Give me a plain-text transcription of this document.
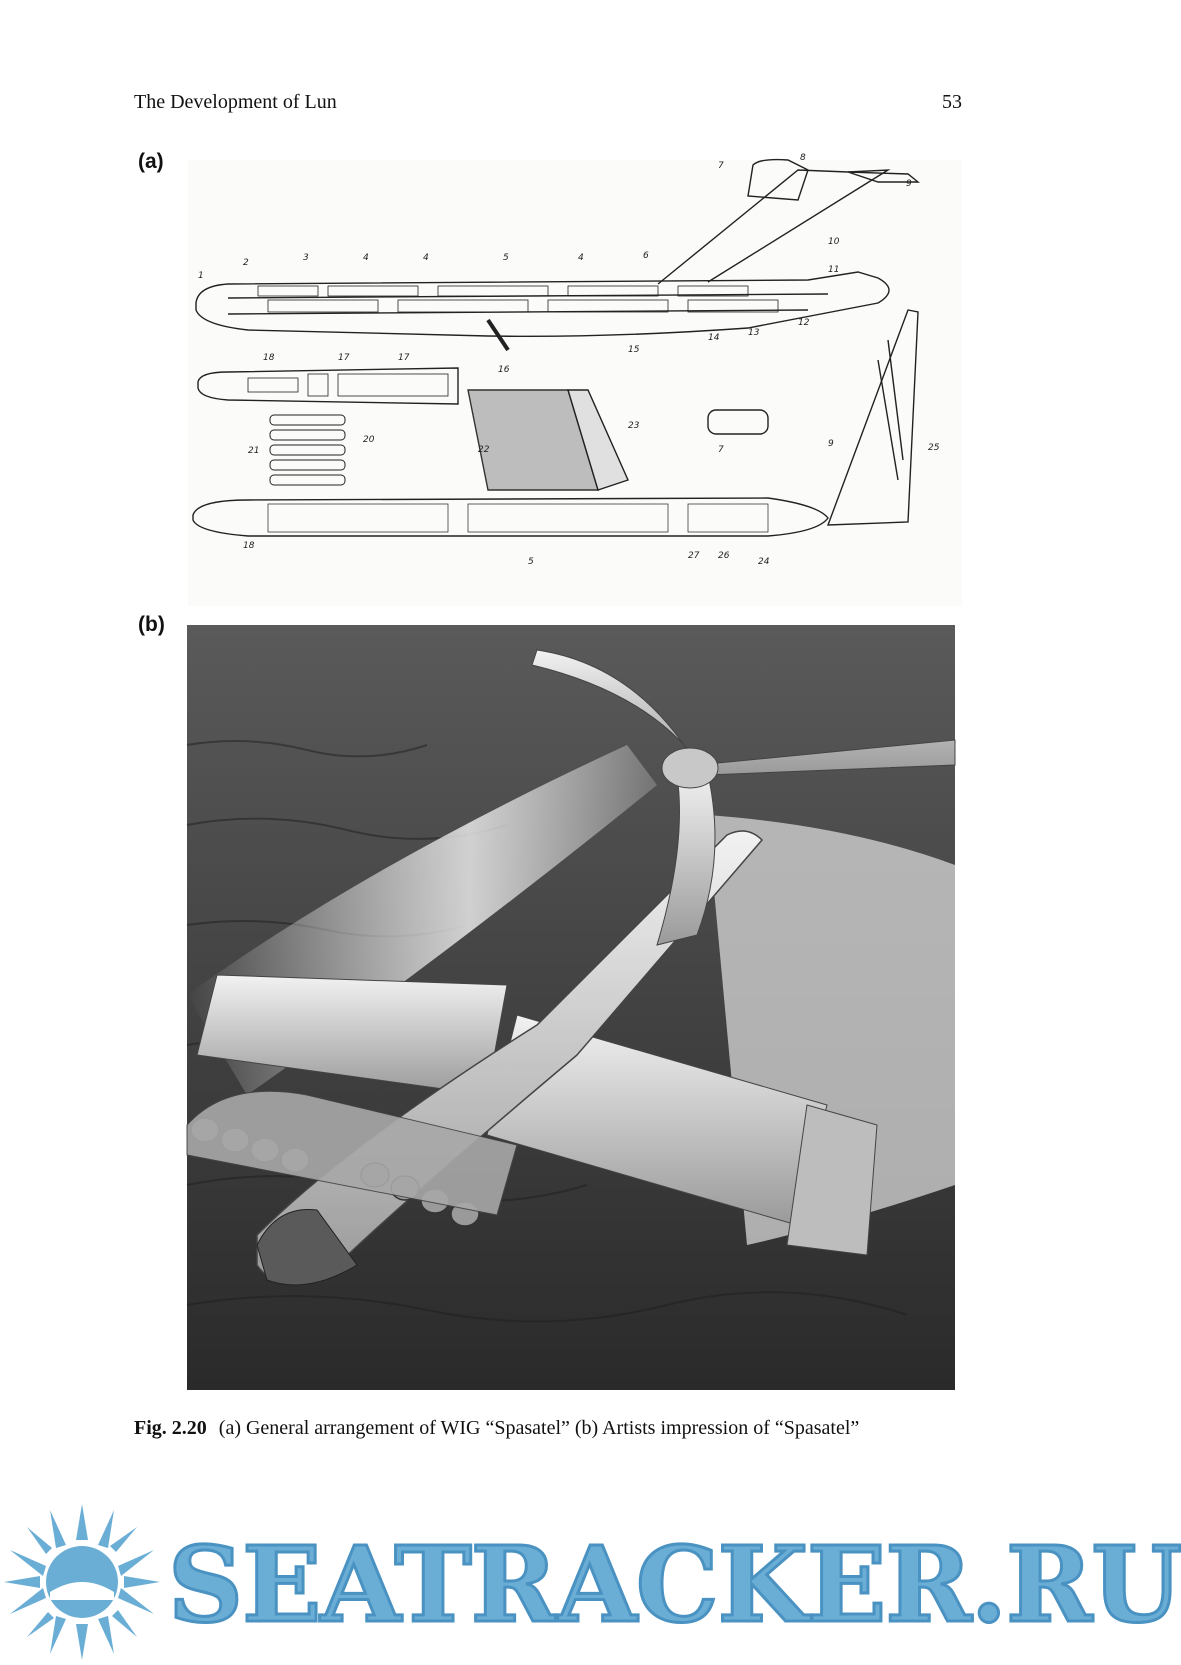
The Development of Lun	53
(a)
(b)
1
2	3	4	4	5	4	6
7
8
9
10
11
12
13
14
15
16
17	17
18
18
9	25
7
21
20
22
23
5
27 26
24
Fig. 2.20 (a) General arrangement of WIG “Spasatel” (b) Artists impression of “Spasatel”
SEATRACKER.RU
